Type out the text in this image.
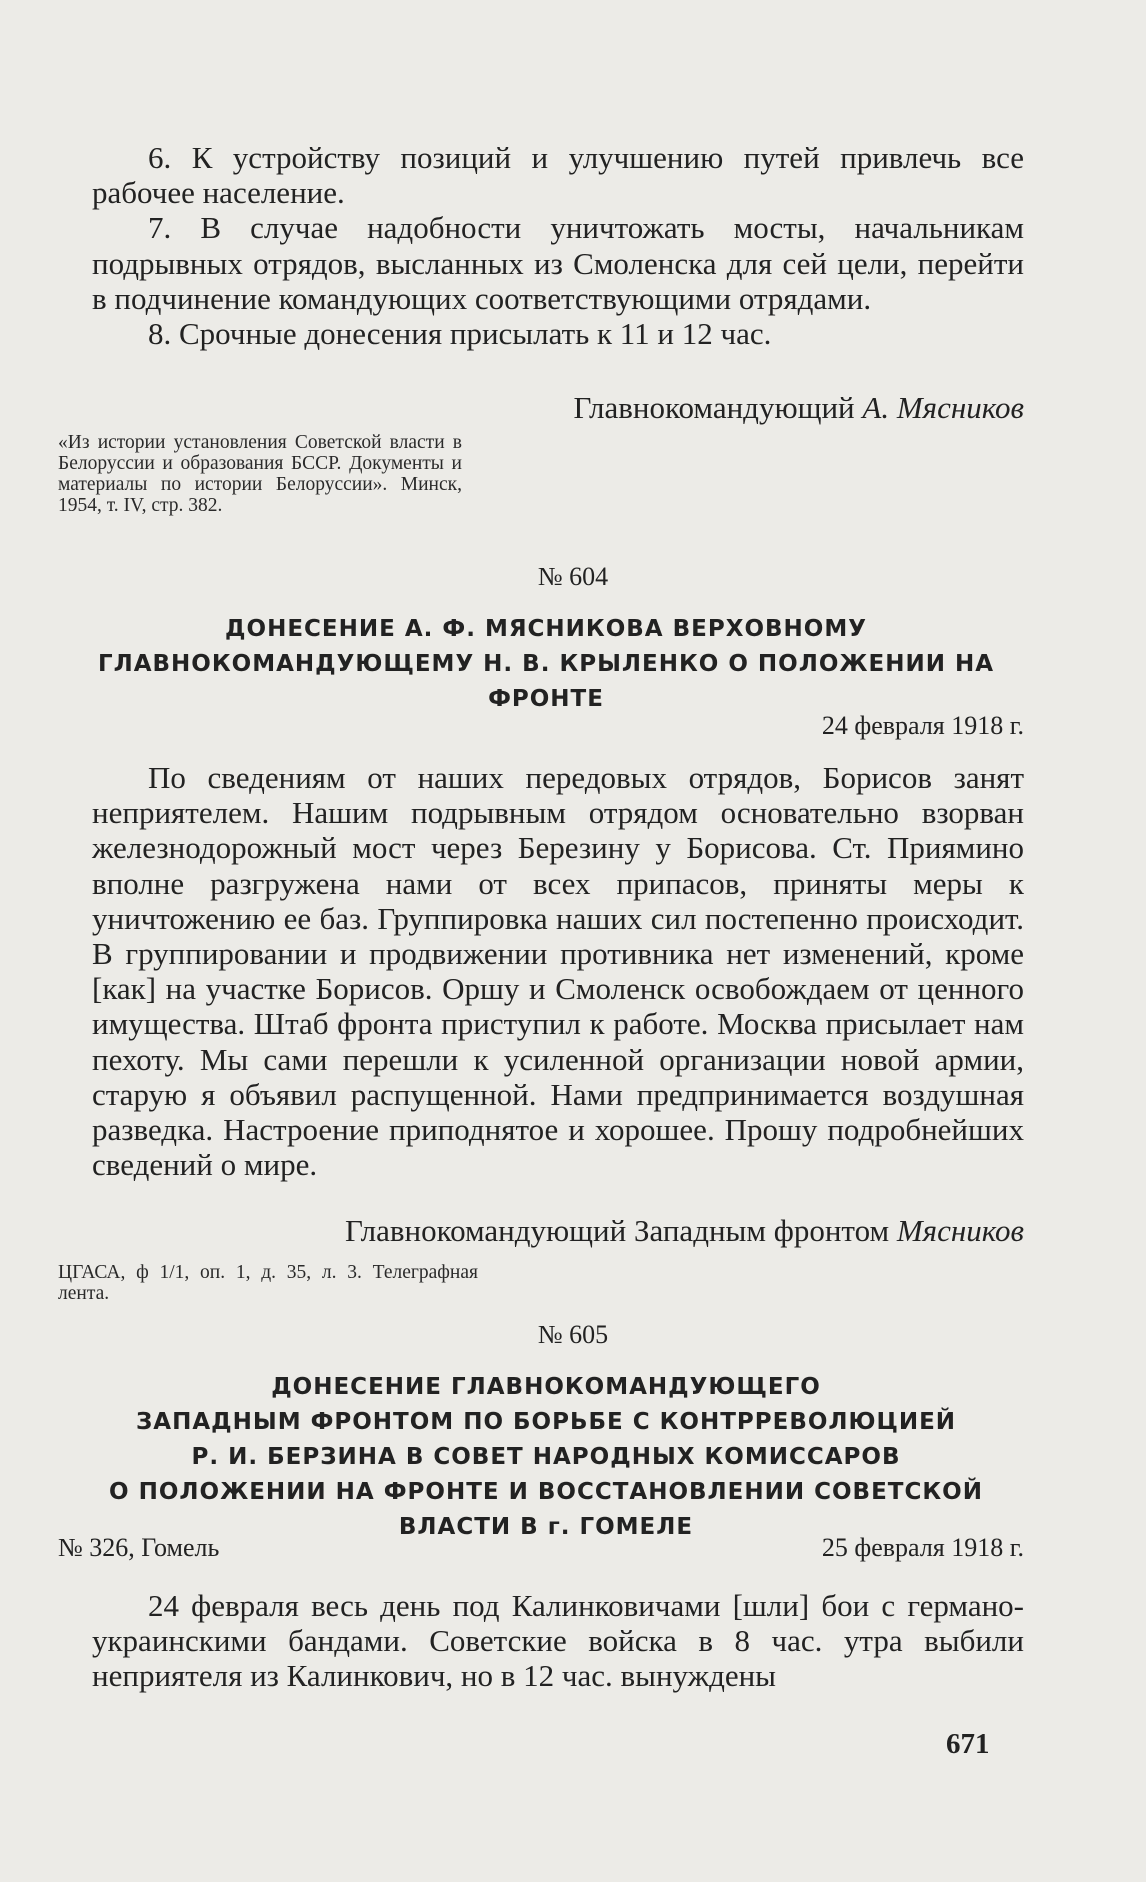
6. К устройству позиций и улучшению путей привлечь все рабочее население.

7. В случае надобности уничтожать мосты, начальникам подрывных отрядов, высланных из Смоленска для сей цели, перейти в подчинение командующих соответствующими отрядами.

8. Срочные донесения присылать к 11 и 12 час.

Главнокомандующий А. Мясников
«Из истории установления Советской власти в Белоруссии и образования БССР. Документы и материалы по истории Белоруссии». Минск, 1954, т. IV, стр. 382.
№ 604
ДОНЕСЕНИЕ А. Ф. МЯСНИКОВА ВЕРХОВНОМУ ГЛАВНОКОМАНДУЮЩЕМУ Н. В. КРЫЛЕНКО О ПОЛОЖЕНИИ НА ФРОНТЕ
24 февраля 1918 г.

По сведениям от наших передовых отрядов, Борисов занят неприятелем. Нашим подрывным отрядом основательно взорван железнодорожный мост через Березину у Борисова. Ст. Приямино вполне разгружена нами от всех припасов, приняты меры к уничтожению ее баз. Группировка наших сил постепенно происходит. В группировании и продвижении противника нет изменений, кроме [как] на участке Борисов. Оршу и Смоленск освобождаем от ценного имущества. Штаб фронта приступил к работе. Москва присылает нам пехоту. Мы сами перешли к усиленной организации новой армии, старую я объявил распущенной. Нами предпринимается воздушная разведка. Настроение приподнятое и хорошее. Прошу подробнейших сведений о мире.

Главнокомандующий Западным фронтом Мясников
ЦГАСА, ф 1/1, оп. 1, д. 35, л. 3. Телеграфная лента.
№ 605
ДОНЕСЕНИЕ ГЛАВНОКОМАНДУЮЩЕГО
ЗАПАДНЫМ ФРОНТОМ ПО БОРЬБЕ С КОНТРРЕВОЛЮЦИЕЙ
Р. И. БЕРЗИНА В СОВЕТ НАРОДНЫХ КОМИССАРОВ
О ПОЛОЖЕНИИ НА ФРОНТЕ И ВОССТАНОВЛЕНИИ СОВЕТСКОЙ
ВЛАСТИ В г. ГОМЕЛЕ
№ 326, Гомель	25 февраля 1918 г.

24 февраля весь день под Калинковичами [шли] бои с германо-украинскими бандами. Советские войска в 8 час. утра выбили неприятеля из Калинкович, но в 12 час. вынуждены

671
